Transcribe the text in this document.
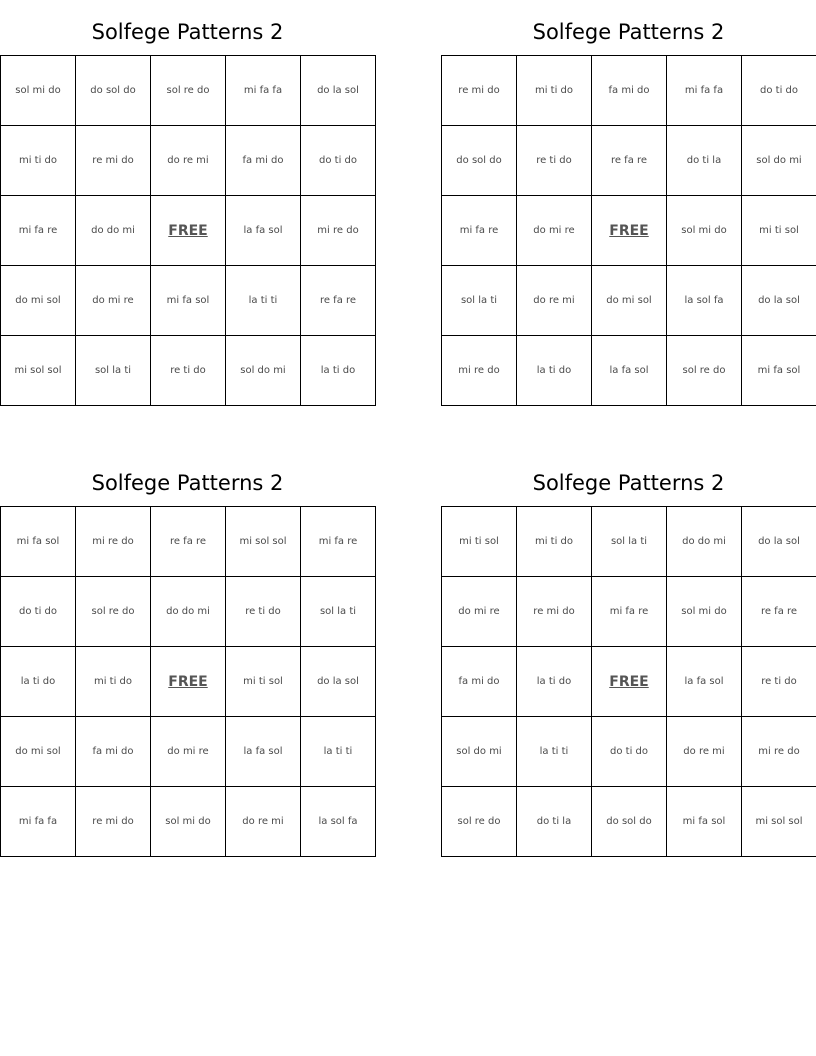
Solfege Patterns 2
sol mi do	do sol do	sol re do	mi fa fa	do la sol
mi ti do	re mi do	do re mi	fa mi do	do ti do
mi fa re	do do mi	FREE	la fa sol	mi re do
do mi sol	do mi re	mi fa sol	la ti ti	re fa re
mi sol sol	sol la ti	re ti do	sol do mi	la ti do
Solfege Patterns 2
re mi do	mi ti do	fa mi do	mi fa fa	do ti do
do sol do	re ti do	re fa re	do ti la	sol do mi
mi fa re	do mi re	FREE	sol mi do	mi ti sol
sol la ti	do re mi	do mi sol	la sol fa	do la sol
mi re do	la ti do	la fa sol	sol re do	mi fa sol
Solfege Patterns 2
mi fa sol	mi re do	re fa re	mi sol sol	mi fa re
do ti do	sol re do	do do mi	re ti do	sol la ti
la ti do	mi ti do	FREE	mi ti sol	do la sol
do mi sol	fa mi do	do mi re	la fa sol	la ti ti
mi fa fa	re mi do	sol mi do	do re mi	la sol fa
Solfege Patterns 2
mi ti sol	mi ti do	sol la ti	do do mi	do la sol
do mi re	re mi do	mi fa re	sol mi do	re fa re
fa mi do	la ti do	FREE	la fa sol	re ti do
sol do mi	la ti ti	do ti do	do re mi	mi re do
sol re do	do ti la	do sol do	mi fa sol	mi sol sol
